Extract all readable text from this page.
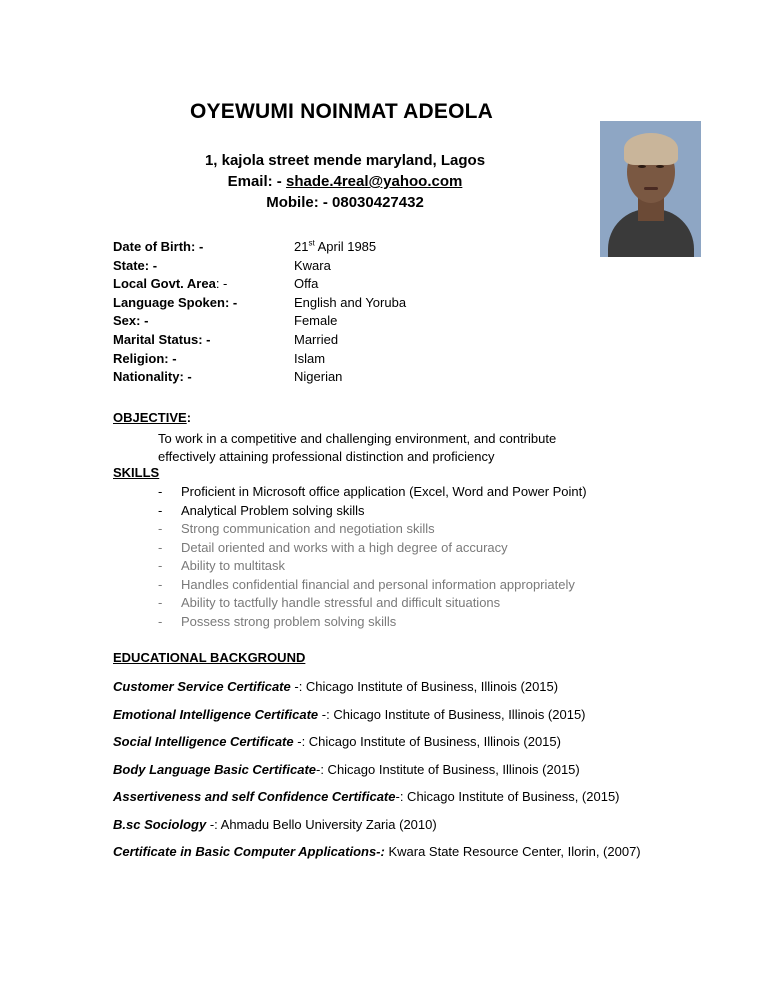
OYEWUMI NOINMAT ADEOLA
1, kajola street mende maryland, Lagos
Email: - shade.4real@yahoo.com
Mobile: - 08030427432
Date of Birth: -	21st April 1985
State: -	Kwara
Local Govt. Area: -	Offa
Language Spoken: -	English and Yoruba
Sex: -	Female
Marital Status: -	Married
Religion: -	Islam
Nationality: -	Nigerian
OBJECTIVE:
To work in a competitive and challenging environment, and contribute
effectively attaining professional distinction and proficiency
SKILLS
- Proficient in Microsoft office application (Excel, Word and Power Point)
- Analytical Problem solving skills
- Strong communication and negotiation skills
- Detail oriented and works with a high degree of accuracy
- Ability to multitask
- Handles confidential financial and personal information appropriately
- Ability to tactfully handle stressful and difficult situations
- Possess strong problem solving skills
EDUCATIONAL BACKGROUND
Customer Service Certificate -: Chicago Institute of Business, Illinois (2015)
Emotional Intelligence Certificate -: Chicago Institute of Business, Illinois (2015)
Social Intelligence Certificate -: Chicago Institute of Business, Illinois (2015)
Body Language Basic Certificate-: Chicago Institute of Business, Illinois (2015)
Assertiveness and self Confidence Certificate-: Chicago Institute of Business, (2015)
B.sc Sociology -: Ahmadu Bello University Zaria (2010)
Certificate in Basic Computer Applications-: Kwara State Resource Center, Ilorin, (2007)
